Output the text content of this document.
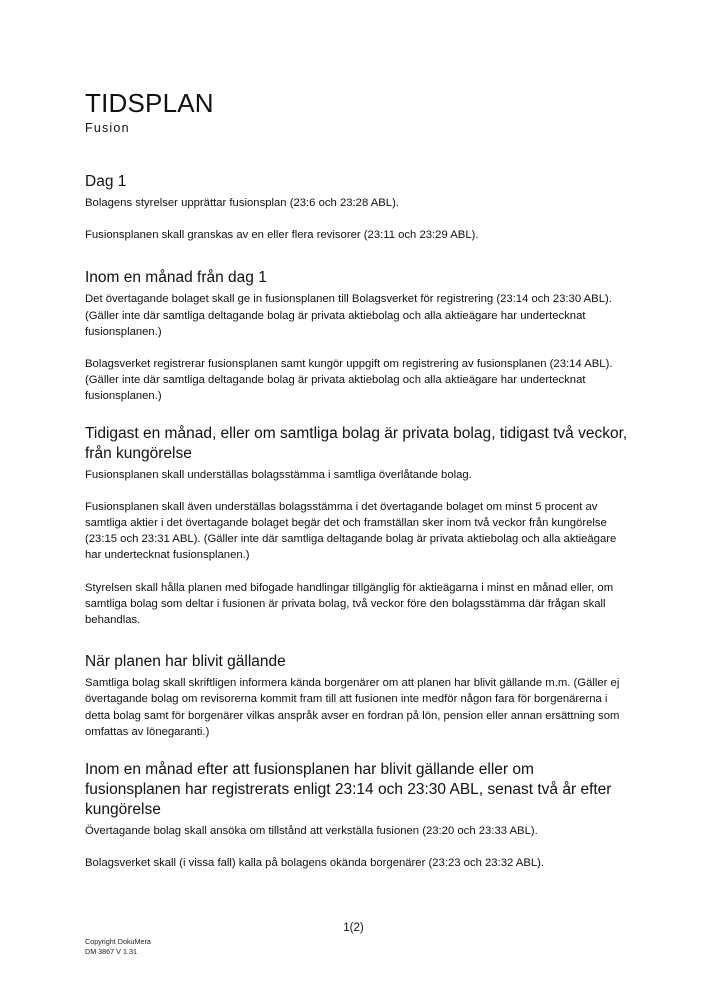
TIDSPLAN
Fusion
Dag 1

Bolagens styrelser upprättar fusionsplan (23:6 och 23:28 ABL).

Fusionsplanen skall granskas av en eller flera revisorer (23:11 och 23:29 ABL).

Inom en månad från dag 1

Det övertagande bolaget skall ge in fusionsplanen till Bolagsverket för registrering (23:14 och 23:30 ABL). (Gäller inte där samtliga deltagande bolag är privata aktiebolag och alla aktieägare har undertecknat fusionsplanen.)

Bolagsverket registrerar fusionsplanen samt kungör uppgift om registrering av fusionsplanen (23:14 ABL). (Gäller inte där samtliga deltagande bolag är privata aktiebolag och alla aktieägare har undertecknat fusionsplanen.)

Tidigast en månad, eller om samtliga bolag är privata bolag, tidigast två veckor, från kungörelse

Fusionsplanen skall underställas bolagsstämma i samtliga överlåtande bolag.

Fusionsplanen skall även underställas bolagsstämma i det övertagande bolaget om minst 5 procent av samtliga aktier i det övertagande bolaget begär det och framställan sker inom två veckor från kungörelse (23:15 och 23:31 ABL). (Gäller inte där samtliga deltagande bolag är privata aktiebolag och alla aktieägare har undertecknat fusionsplanen.)

Styrelsen skall hålla planen med bifogade handlingar tillgänglig för aktieägarna i minst en månad eller, om samtliga bolag som deltar i fusionen är privata bolag, två veckor före den bolagsstämma där frågan skall behandlas.

När planen har blivit gällande

Samtliga bolag skall skriftligen informera kända borgenärer om att planen har blivit gällande m.m. (Gäller ej övertagande bolag om revisorerna kommit fram till att fusionen inte medför någon fara för borgenärerna i detta bolag samt för borgenärer vilkas anspråk avser en fordran på lön, pension eller annan ersättning som omfattas av lönegaranti.)

Inom en månad efter att fusionsplanen har blivit gällande eller om fusionsplanen har registrerats enligt 23:14 och 23:30 ABL, senast två år efter kungörelse

Övertagande bolag skall ansöka om tillstånd att verkställa fusionen (23:20 och 23:33 ABL).

Bolagsverket skall (i vissa fall) kalla på bolagens okända borgenärer (23:23 och 23:32 ABL).

1(2)
Copyright DokuMera
DM 3867 V 1.31
